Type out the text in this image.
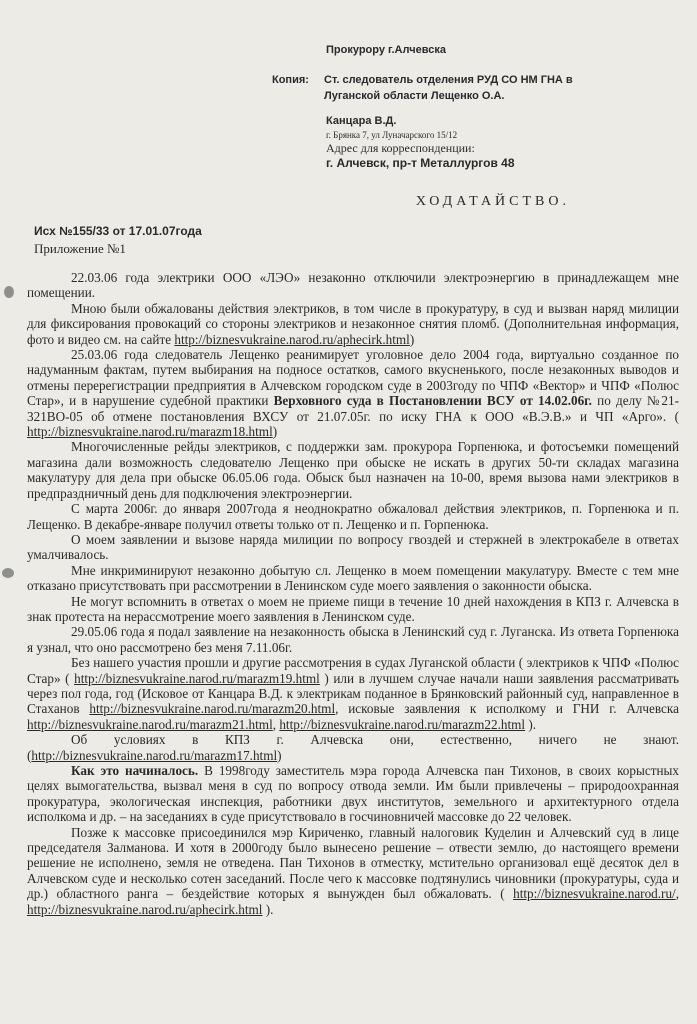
Прокурору г.Алчевска
Копия: Ст. следователь отделения РУД СО НМ ГНА в
Луганской области Лещенко О.А.
Канцара В.Д.
г. Брянка 7, ул Луначарского 15/12
Адрес для корреспонденции:
г. Алчевск, пр-т Металлургов 48
ХОДАТАЙСТВО.
Исх №155/33 от 17.01.07года
Приложение №1

22.03.06 года электрики ООО «ЛЭО» незаконно отключили электроэнергию в принадлежащем мне помещении.

Мною были обжалованы действия электриков, в том числе в прокуратуру, в суд и вызван наряд милиции для фиксирования провокаций со стороны электриков и незаконное снятия пломб. (Дополнительная информация, фото и видео см. на сайте http://biznesvukraine.narod.ru/aphecirk.html)

25.03.06 года следователь Лещенко реанимирует уголовное дело 2004 года, виртуально созданное по надуманным фактам, путем выбирания на подносе остатков, самого вкусненького, после незаконных выводов и отмены перерегистрации предприятия в Алчевском городском суде в 2003году по ЧПФ «Вектор» и ЧПФ «Полюс Стар», и в нарушение судебной практики Верховного суда в Постановлении ВСУ от 14.02.06г. по делу №21-321ВО-05 об отмене постановления ВХСУ от 21.07.05г. по иску ГНА к ООО «В.Э.В.» и ЧП «Арго». ( http://biznesvukraine.narod.ru/marazm18.html)

Многочисленные рейды электриков, с поддержки зам. прокурора Горпенюка, и фотосъемки помещений магазина дали возможность следователю Лещенко при обыске не искать в других 50-ти складах магазина макулатуру для дела при обыске 06.05.06 года. Обыск был назначен на 10-00, время вызова нами электриков в предпраздничный день для подключения электроэнергии.

С марта 2006г. до января 2007года я неоднократно обжаловал действия электриков, п. Горпенюка и п. Лещенко. В декабре-январе получил ответы только от п. Лещенко и п. Горпенюка.

О моем заявлении и вызове наряда милиции по вопросу гвоздей и стержней в электрокабеле в ответах умалчивалось.

Мне инкриминируют незаконно добытую сл. Лещенко в моем помещении макулатуру. Вместе с тем мне отказано присутствовать при рассмотрении в Ленинском суде моего заявления о законности обыска.

Не могут вспомнить в ответах о моем не приеме пищи в течение 10 дней нахождения в КПЗ г. Алчевска в знак протеста на нерассмотрение моего заявления в Ленинском суде.

29.05.06 года я подал заявление на незаконность обыска в Ленинский суд г. Луганска. Из ответа Горпенюка я узнал, что оно рассмотрено без меня 7.11.06г.

Без нашего участия прошли и другие рассмотрения в судах Луганской области ( электриков к ЧПФ «Полюс Стар» ( http://biznesvukraine.narod.ru/marazm19.html ) или в лучшем случае начали наши заявления рассматривать через пол года, год (Исковое от Канцара В.Д. к электрикам поданное в Брянковский районный суд, направленное в Стаханов http://biznesvukraine.narod.ru/marazm20.html, исковые заявления к исполкому и ГНИ г. Алчевска http://biznesvukraine.narod.ru/marazm21.html, http://biznesvukraine.narod.ru/marazm22.html ).

Об условиях в КПЗ г. Алчевска они, естественно, ничего не знают. (http://biznesvukraine.narod.ru/marazm17.html)

Как это начиналось. В 1998году заместитель мэра города Алчевска пан Тихонов, в своих корыстных целях вымогательства, вызвал меня в суд по вопросу отвода земли. Им были привлечены – природоохранная прокуратура, экологическая инспекция, работники двух институтов, земельного и архитектурного отдела исполкома и др. – на заседаниях в суде присутствовало в госчиновничей массовке до 22 человек.

Позже к массовке присоединился мэр Кириченко, главный налоговик Куделин и Алчевский суд в лице председателя Залманова. И хотя в 2000году было вынесено решение – отвести землю, до настоящего времени решение не исполнено, земля не отведена. Пан Тихонов в отместку, мстительно организовал ещё десяток дел в Алчевском суде и несколько сотен заседаний. После чего к массовке подтянулись чиновники (прокуратуры, суда и др.) областного ранга – бездействие которых я вынужден был обжаловать. ( http://biznesvukraine.narod.ru/, http://biznesvukraine.narod.ru/aphecirk.html ).
